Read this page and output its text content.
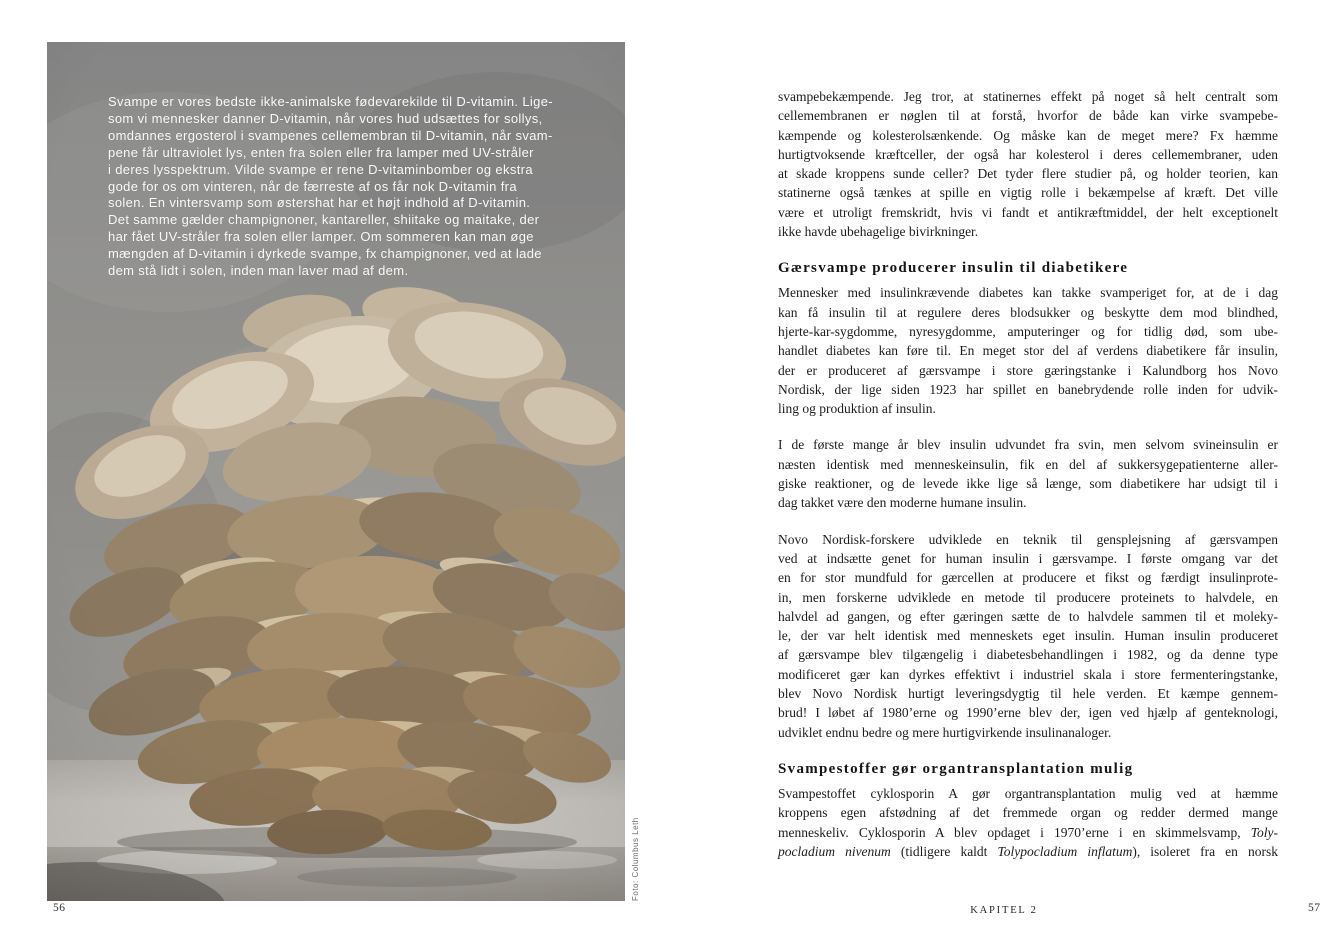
Svampe er vores bedste ikke-animalske fødevarekilde til D-vitamin. Lige-
som vi mennesker danner D-vitamin, når vores hud udsættes for sollys,
omdannes ergosterol i svampenes cellemembran til D-vitamin, når svam-
pene får ultraviolet lys, enten fra solen eller fra lamper med UV-stråler
i deres lysspektrum. Vilde svampe er rene D-vitaminbomber og ekstra
gode for os om vinteren, når de færreste af os får nok D-vitamin fra
solen. En vintersvamp som østershat har et højt indhold af D-vitamin.
Det samme gælder champignoner, kantareller, shiitake og maitake, der
har fået UV-stråler fra solen eller lamper. Om sommeren kan man øge
mængden af D-vitamin i dyrkede svampe, fx champignoner, ved at lade
dem stå lidt i solen, inden man laver mad af dem.
Foto: Columbus Leth
56

svampebekæmpende. Jeg tror, at statinernes effekt på noget så helt centralt som
cellemembranen er nøglen til at forstå, hvorfor de både kan virke svampebe-
kæmpende og kolesterolsænkende. Og måske kan de meget mere? Fx hæmme
hurtigtvoksende kræftceller, der også har kolesterol i deres cellemembraner, uden
at skade kroppens sunde celler? Det tyder flere studier på, og holder teorien, kan
statinerne også tænkes at spille en vigtig rolle i bekæmpelse af kræft. Det ville
være et utroligt fremskridt, hvis vi fandt et antikræftmiddel, der helt exceptionelt
ikke havde ubehagelige bivirkninger.

Gærsvampe producerer insulin til diabetikere

Mennesker med insulinkrævende diabetes kan takke svamperiget for, at de i dag
kan få insulin til at regulere deres blodsukker og beskytte dem mod blindhed,
hjerte-kar-sygdomme, nyresygdomme, amputeringer og for tidlig død, som ube-
handlet diabetes kan føre til. En meget stor del af verdens diabetikere får insulin,
der er produceret af gærsvampe i store gæringstanke i Kalundborg hos Novo
Nordisk, der lige siden 1923 har spillet en banebrydende rolle inden for udvik-
ling og produktion af insulin.

I de første mange år blev insulin udvundet fra svin, men selvom svineinsulin er
næsten identisk med menneskeinsulin, fik en del af sukkersygepatienterne aller-
giske reaktioner, og de levede ikke lige så længe, som diabetikere har udsigt til i
dag takket være den moderne humane insulin.

Novo Nordisk-forskere udviklede en teknik til gensplejsning af gærsvampen
ved at indsætte genet for human insulin i gærsvampe. I første omgang var det
en for stor mundfuld for gærcellen at producere et fikst og færdigt insulinprote-
in, men forskerne udviklede en metode til producere proteinets to halvdele, en
halvdel ad gangen, og efter gæringen sætte de to halvdele sammen til et moleky-
le, der var helt identisk med menneskets eget insulin. Human insulin produceret
af gærsvampe blev tilgængelig i diabetesbehandlingen i 1982, og da denne type
modificeret gær kan dyrkes effektivt i industriel skala i store fermenteringstanke,
blev Novo Nordisk hurtigt leveringsdygtig til hele verden. Et kæmpe gennem-
brud! I løbet af 1980’erne og 1990’erne blev der, igen ved hjælp af genteknologi,
udviklet endnu bedre og mere hurtigvirkende insulinanaloger.

Svampestoffer gør organtransplantation mulig

Svampestoffet cyklosporin A gør organtransplantation mulig ved at hæmme
kroppens egen afstødning af det fremmede organ og redder dermed mange
menneskeliv. Cyklosporin A blev opdaget i 1970’erne i en skimmelsvamp, Toly-
pocladium nivenum (tidligere kaldt Tolypocladium inflatum), isoleret fra en norsk

KAPITEL 2	57
